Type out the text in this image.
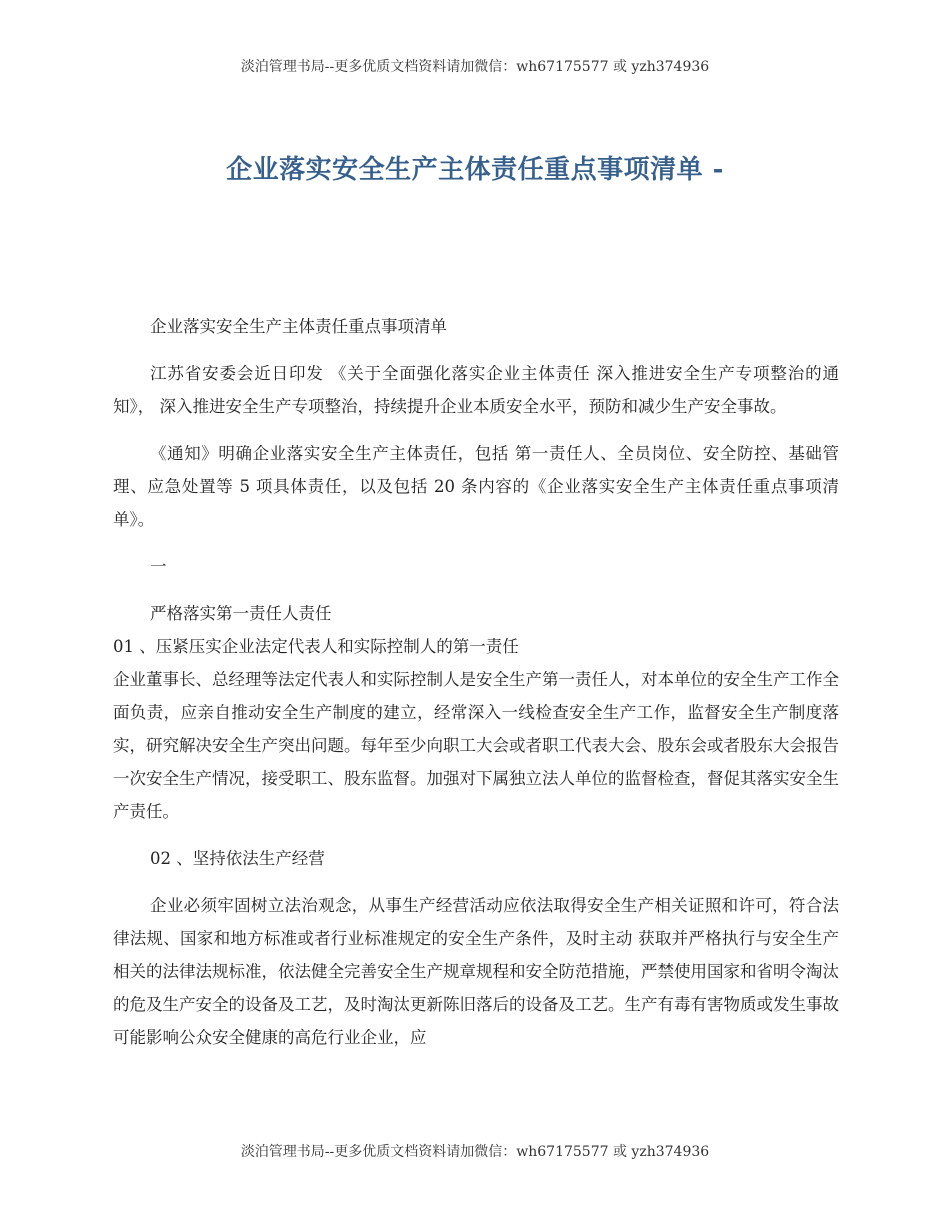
淡泊管理书局--更多优质文档资料请加微信：wh67175577 或 yzh374936
企业落实安全生产主体责任重点事项清单 -

企业落实安全生产主体责任重点事项清单

江苏省安委会近日印发 《关于全面强化落实企业主体责任 深入推进安全生产专项整治的通知》， 深入推进安全生产专项整治，持续提升企业本质安全水平，预防和减少生产安全事故。

《通知》明确企业落实安全生产主体责任，包括 第一责任人、全员岗位、安全防控、基础管理、应急处置等 5 项具体责任，以及包括 20 条内容的《企业落实安全生产主体责任重点事项清单》。

一

严格落实第一责任人责任

01 、压紧压实企业法定代表人和实际控制人的第一责任

企业董事长、总经理等法定代表人和实际控制人是安全生产第一责任人，对本单位的安全生产工作全面负责，应亲自推动安全生产制度的建立，经常深入一线检查安全生产工作，监督安全生产制度落实，研究解决安全生产突出问题。每年至少向职工大会或者职工代表大会、股东会或者股东大会报告一次安全生产情况，接受职工、股东监督。加强对下属独立法人单位的监督检查，督促其落实安全生产责任。

02 、坚持依法生产经营

企业必须牢固树立法治观念，从事生产经营活动应依法取得安全生产相关证照和许可，符合法律法规、国家和地方标准或者行业标准规定的安全生产条件，及时主动 获取并严格执行与安全生产相关的法律法规标准，依法健全完善安全生产规章规程和安全防范措施，严禁使用国家和省明令淘汰的危及生产安全的设备及工艺，及时淘汰更新陈旧落后的设备及工艺。生产有毒有害物质或发生事故可能影响公众安全健康的高危行业企业，应

淡泊管理书局--更多优质文档资料请加微信：wh67175577 或 yzh374936
